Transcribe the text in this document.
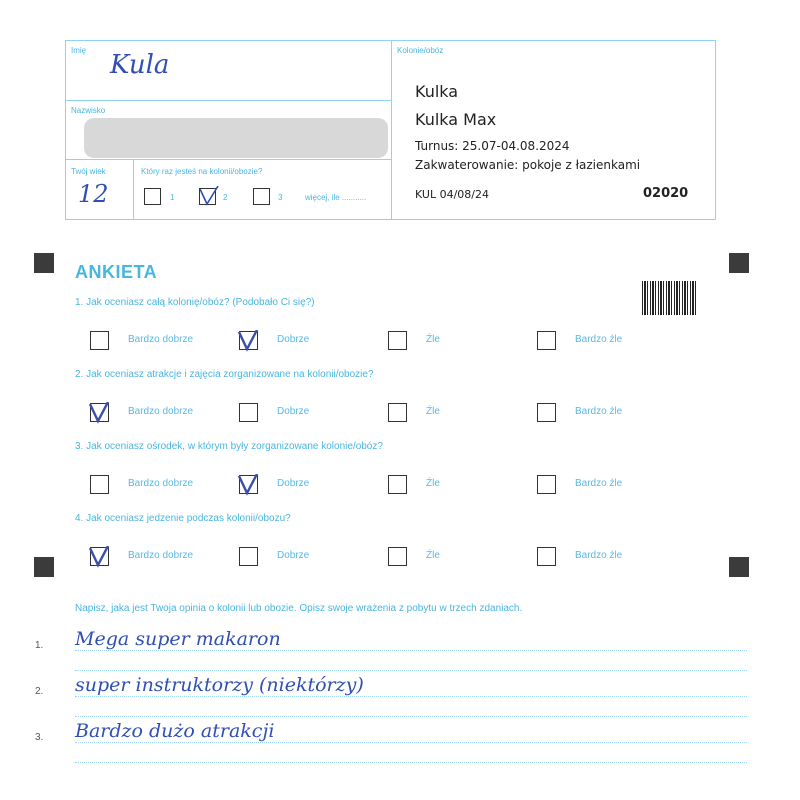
Imię Kula
Nazwisko
Twój wiek
12
Który raz jesteś na kolonii/obozie?
1	2	3	więcej, ile ...........
Kolonie/obóz
Kulka
Kulka Max
Turnus: 25.07-04.08.2024
Zakwaterowanie: pokoje z łazienkami
KUL 04/08/24	02020
ANKIETA
1. Jak oceniasz całą kolonię/obóz? (Podobało Ci się?)
Bardzo dobrze	Dobrze	Źle	Bardzo źle
2. Jak oceniasz atrakcje i zajęcia zorganizowane na kolonii/obozie?
Bardzo dobrze	Dobrze	Źle	Bardzo źle
3. Jak oceniasz ośrodek, w którym były zorganizowane kolonie/obóz?
Bardzo dobrze	Dobrze	Źle	Bardzo źle
4. Jak oceniasz jedzenie podczas kolonii/obozu?
Bardzo dobrze	Dobrze	Źle	Bardzo źle
Napisz, jaka jest Twoja opinia o kolonii lub obozie. Opisz swoje wrażenia z pobytu w trzech zdaniach.
1. Mega super makaron
2. super instruktorzy (niektórzy)
3. Bardzo dużo atrakcji
